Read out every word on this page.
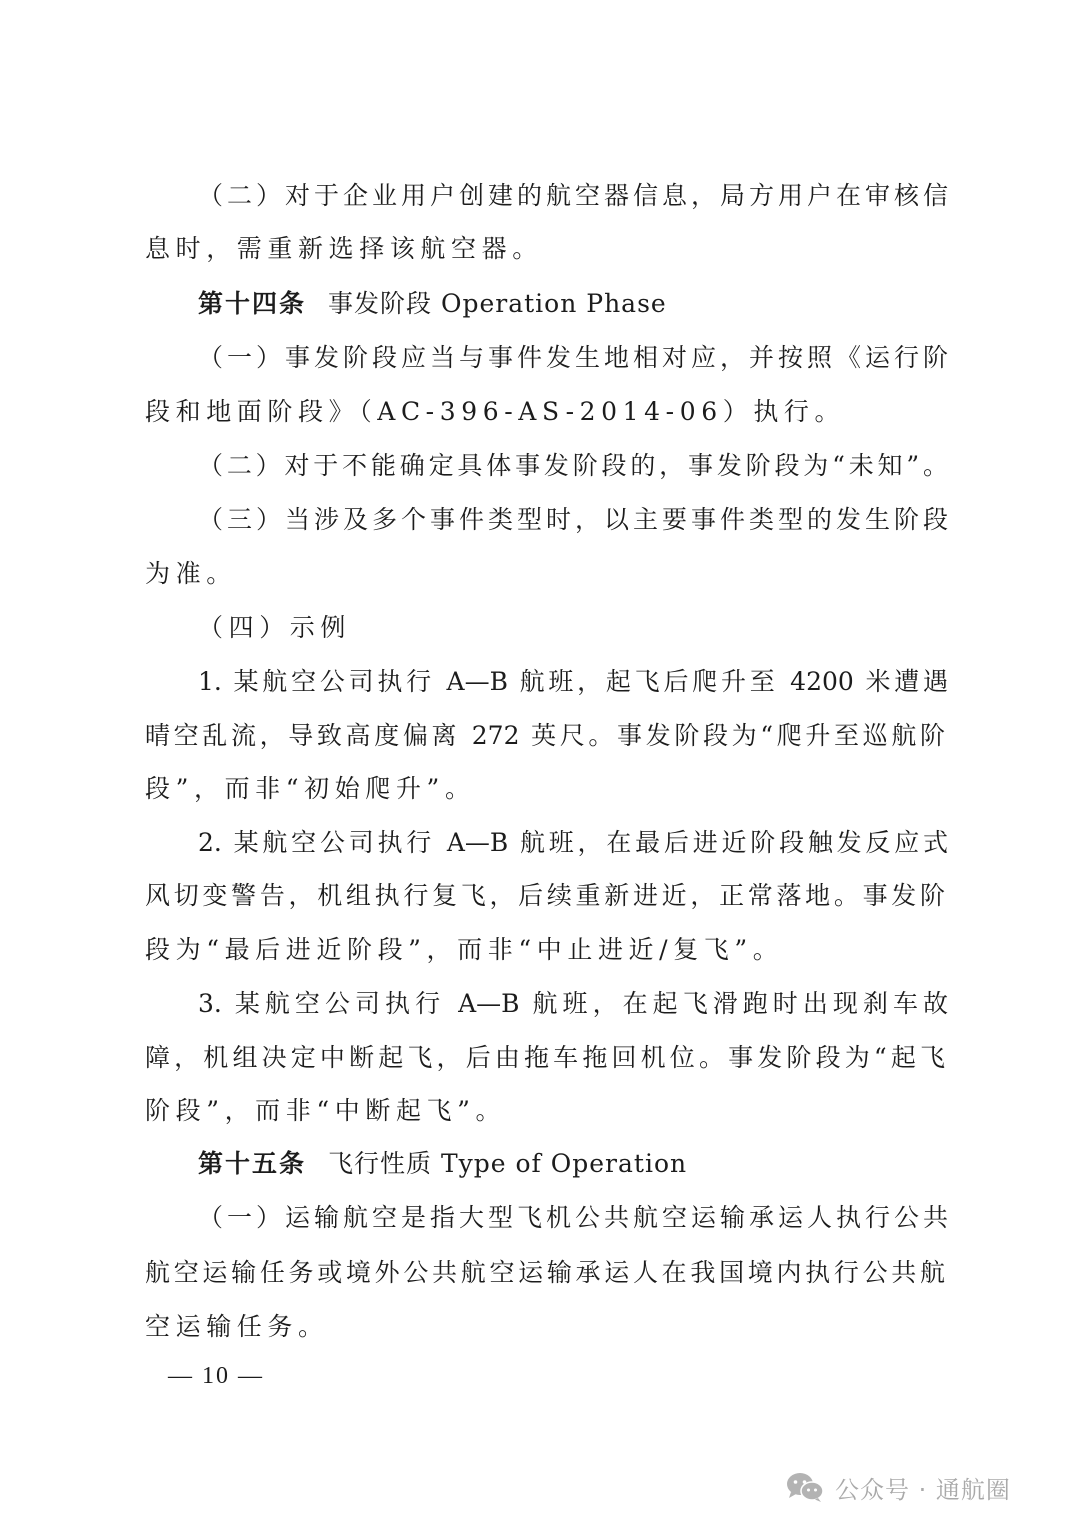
（二）对于企业用户创建的航空器信息，局方用户在审核信
息时，需重新选择该航空器。
第十四条 事发阶段 Operation Phase
（一）事发阶段应当与事件发生地相对应，并按照《运行阶
段和地面阶段》（AC-396-AS-2014-06）执行。
（二）对于不能确定具体事发阶段的，事发阶段为“未知”。
（三）当涉及多个事件类型时，以主要事件类型的发生阶段
为准。
（四）示例
1. 某航空公司执行 A—B 航班，起飞后爬升至 4200 米遭遇
晴空乱流，导致高度偏离 272 英尺。事发阶段为“爬升至巡航阶
段”，而非“初始爬升”。
2. 某航空公司执行 A—B 航班，在最后进近阶段触发反应式
风切变警告，机组执行复飞，后续重新进近，正常落地。事发阶
段为“最后进近阶段”，而非“中止进近/复飞”。
3. 某航空公司执行 A—B 航班，在起飞滑跑时出现刹车故
障，机组决定中断起飞，后由拖车拖回机位。事发阶段为“起飞
阶段”，而非“中断起飞”。
第十五条 飞行性质 Type of Operation
（一）运输航空是指大型飞机公共航空运输承运人执行公共
航空运输任务或境外公共航空运输承运人在我国境内执行公共航
空运输任务。
— 10 —
公众号 · 通航圈
